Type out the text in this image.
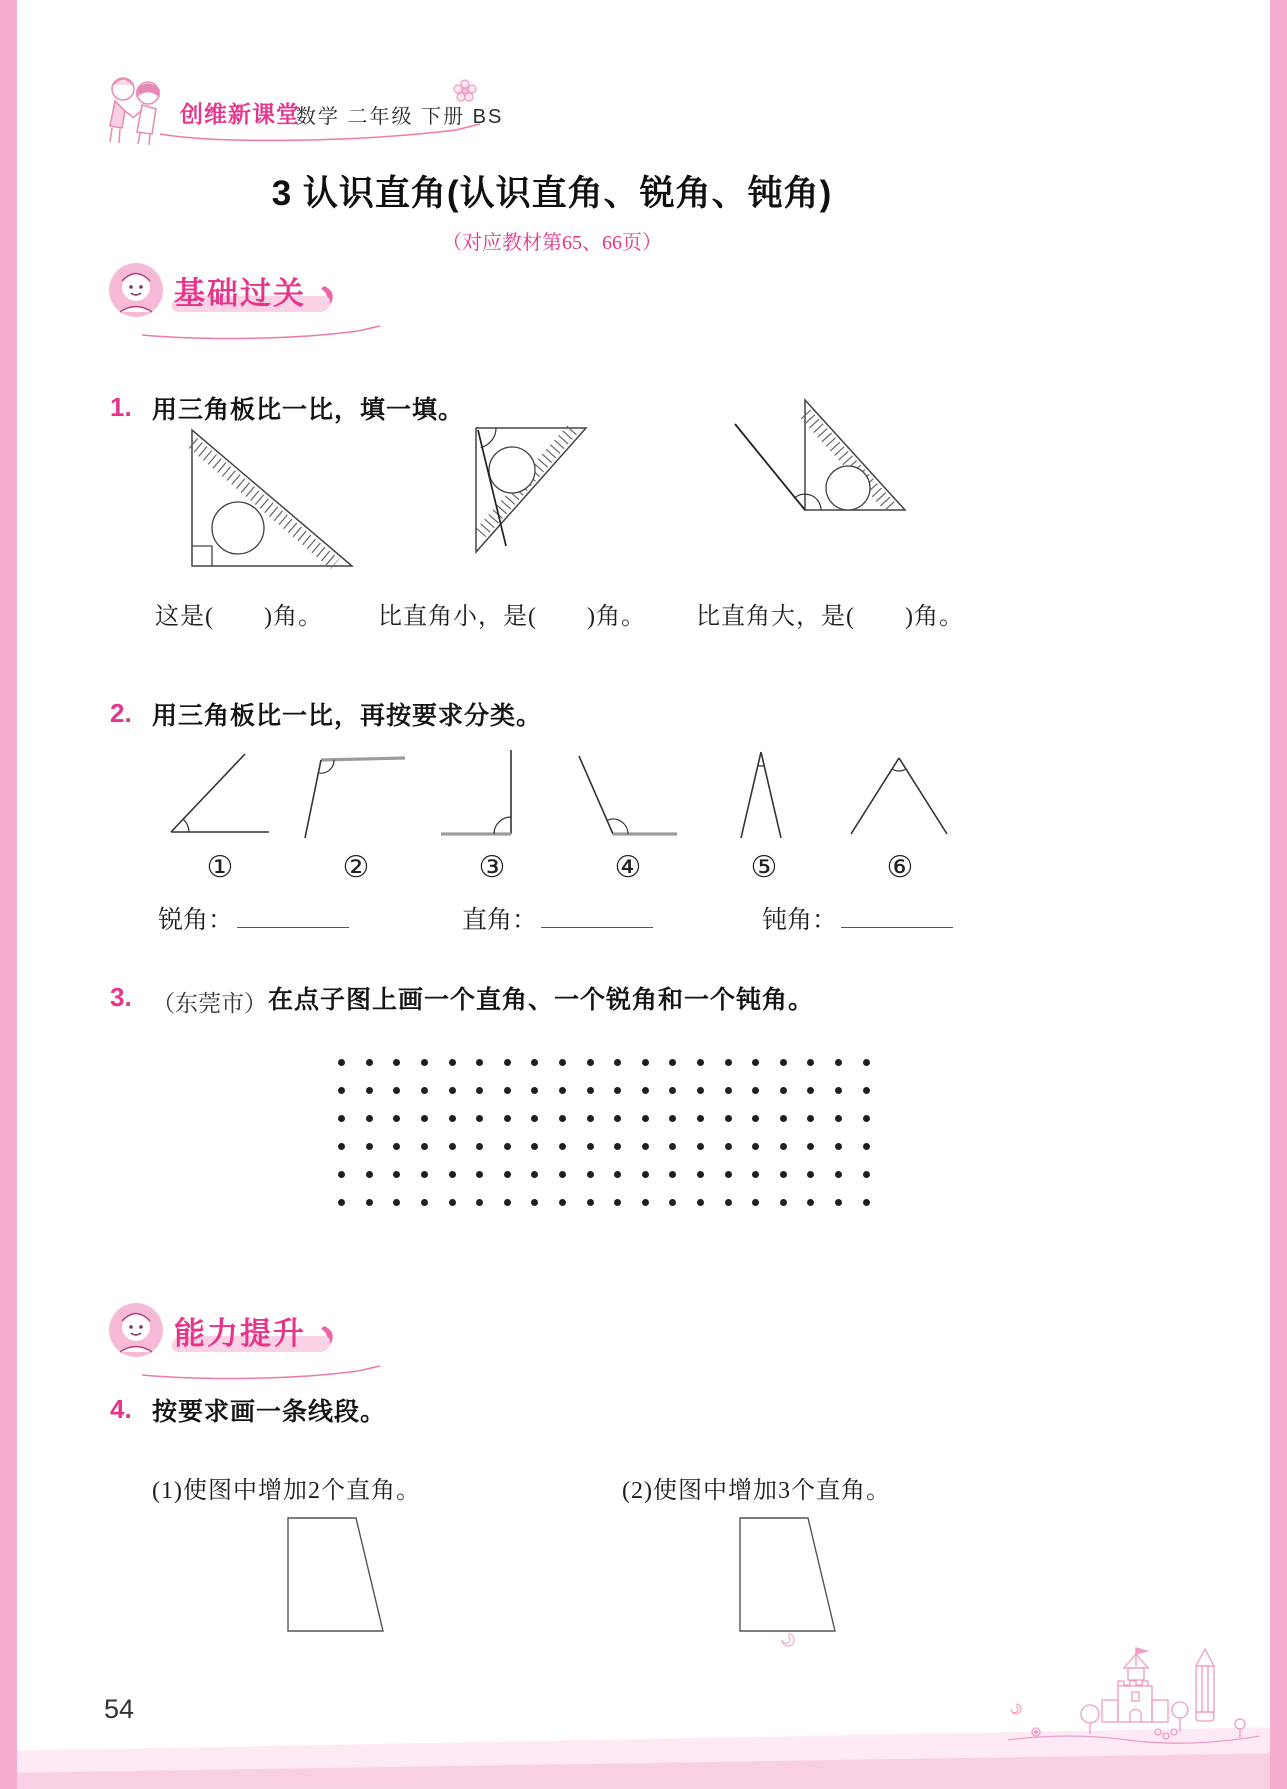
创维新课堂
数学 二年级 下册 BS
3 认识直角(认识直角、锐角、钝角)
（对应教材第65、66页）
基础过关
1. 用三角板比一比，填一填。
这是(　　)角。 比直角小，是(　　)角。 比直角大，是(　　)角。
2. 用三角板比一比，再按要求分类。
①	②	③	④	⑤	⑥
锐角：	直角：	钝角：
3. （东莞市） 在点子图上画一个直角、一个锐角和一个钝角。
能力提升
4. 按要求画一条线段。
(1)使图中增加2个直角。	(2)使图中增加3个直角。
54
